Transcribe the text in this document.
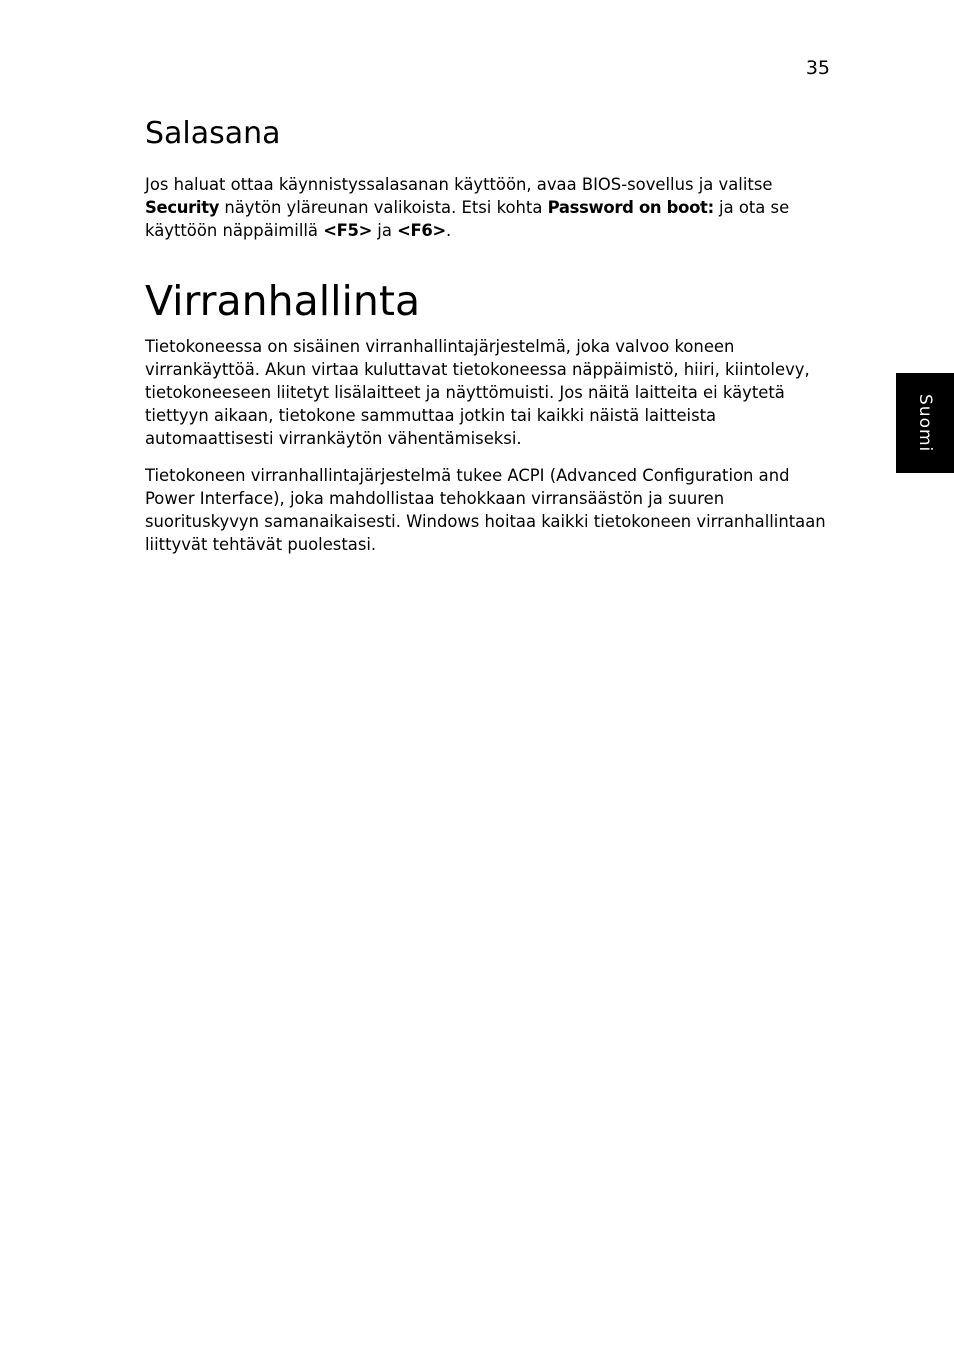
35
Suomi
Salasana

Jos haluat ottaa käynnistyssalasanan käyttöön, avaa BIOS-sovellus ja valitse Security näytön yläreunan valikoista. Etsi kohta Password on boot: ja ota se käyttöön näppäimillä <F5> ja <F6>.

Virranhallinta

Tietokoneessa on sisäinen virranhallintajärjestelmä, joka valvoo koneen virrankäyttöä. Akun virtaa kuluttavat tietokoneessa näppäimistö, hiiri, kiintolevy, tietokoneeseen liitetyt lisälaitteet ja näyttömuisti. Jos näitä laitteita ei käytetä tiettyyn aikaan, tietokone sammuttaa jotkin tai kaikki näistä laitteista automaattisesti virrankäytön vähentämiseksi.

Tietokoneen virranhallintajärjestelmä tukee ACPI (Advanced Configuration and Power Interface), joka mahdollistaa tehokkaan virransäästön ja suuren suorituskyvyn samanaikaisesti. Windows hoitaa kaikki tietokoneen virranhallintaan liittyvät tehtävät puolestasi.
